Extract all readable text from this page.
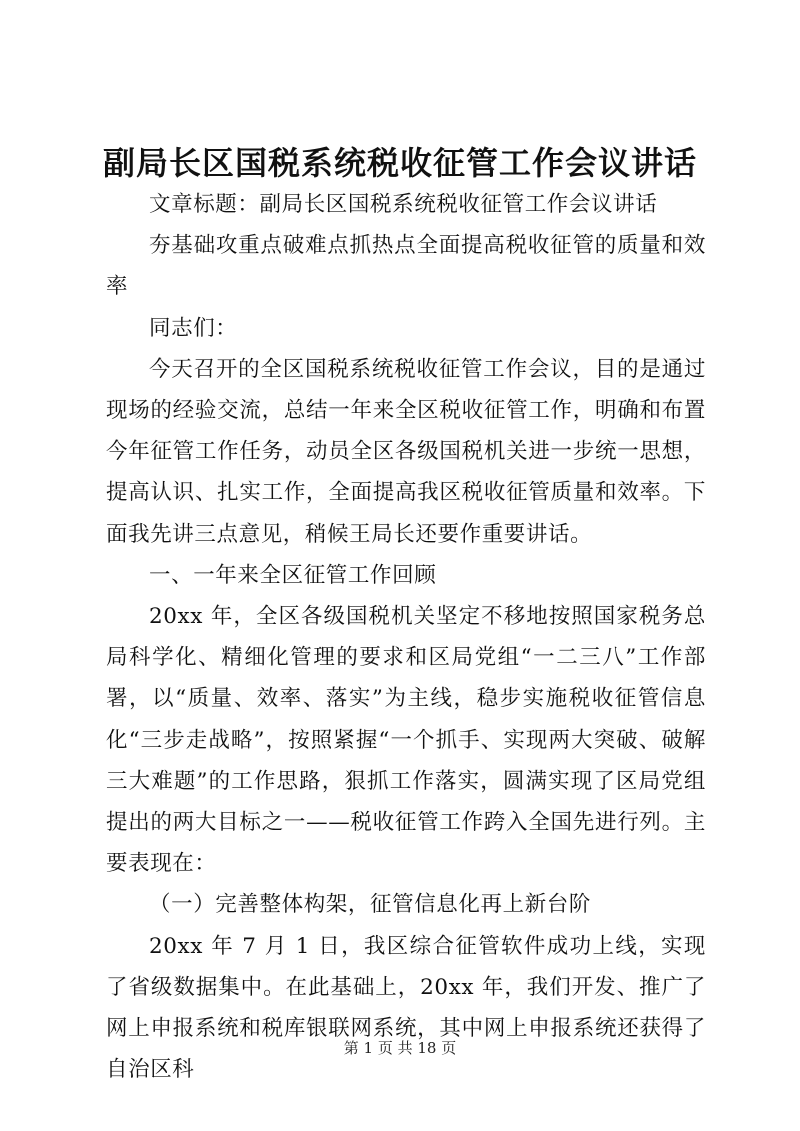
副局长区国税系统税收征管工作会议讲话

文章标题：副局长区国税系统税收征管工作会议讲话

夯基础攻重点破难点抓热点全面提高税收征管的质量和效率

同志们：

今天召开的全区国税系统税收征管工作会议，目的是通过现场的经验交流，总结一年来全区税收征管工作，明确和布置今年征管工作任务，动员全区各级国税机关进一步统一思想，提高认识、扎实工作，全面提高我区税收征管质量和效率。下面我先讲三点意见，稍候王局长还要作重要讲话。

一、一年来全区征管工作回顾

20xx 年，全区各级国税机关坚定不移地按照国家税务总局科学化、精细化管理的要求和区局党组“一二三八”工作部署，以“质量、效率、落实”为主线，稳步实施税收征管信息化“三步走战略”，按照紧握“一个抓手、实现两大突破、破解三大难题”的工作思路，狠抓工作落实，圆满实现了区局党组提出的两大目标之一——税收征管工作跨入全国先进行列。主要表现在：

（一）完善整体构架，征管信息化再上新台阶

20xx 年 7 月 1 日，我区综合征管软件成功上线，实现了省级数据集中。在此基础上，20xx 年，我们开发、推广了网上申报系统和税库银联网系统，其中网上申报系统还获得了自治区科

第 1 页 共 18 页
